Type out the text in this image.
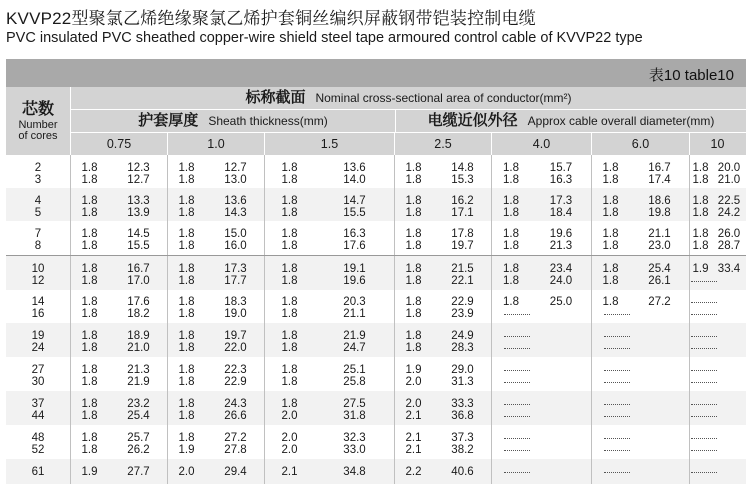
KVVP22型聚氯乙烯绝缘聚氯乙烯护套铜丝编织屏蔽钢带铠装控制电缆
PVC insulated PVC sheathed copper-wire shield steel tape armoured control cable of KVVP22 type
表10 table10
芯数
Number of cores
标称截面 Nominal cross-sectional area of conductor(mm²)
护套厚度 Sheath thickness(mm)	电缆近似外径 Approx cable overall diameter(mm)
0.75	1.0	1.5	2.5	4.0	6.0	10
2	1.8	12.3	1.8	12.7	1.8	13.6	1.8	14.8	1.8	15.7	1.8	16.7	1.8 20.0
3	1.8	12.7	1.8	13.0	1.8	14.0	1.8	15.3	1.8	16.3	1.8	17.4	1.8 21.0
4	1.8	13.3	1.8	13.6	1.8	14.7	1.8	16.2	1.8	17.3	1.8	18.6	1.8 22.5
5	1.8	13.9	1.8	14.3	1.8	15.5	1.8	17.1	1.8	18.4	1.8	19.8	1.8 24.2
7	1.8	14.5	1.8	15.0	1.8	16.3	1.8	17.8	1.8	19.6	1.8	21.1	1.8 26.0
8	1.8	15.5	1.8	16.0	1.8	17.6	1.8	19.7	1.8	21.3	1.8	23.0	1.8 28.7
10	1.8	16.7	1.8	17.3	1.8	19.1	1.8	21.5	1.8	23.4	1.8	25.4	1.9 33.4
12	1.8	17.0	1.8	17.7	1.8	19.6	1.8	22.1	1.8	24.0	1.8	26.1
14	1.8	17.6	1.8	18.3	1.8	20.3	1.8	22.9	1.8	25.0	1.8	27.2
16	1.8	18.2	1.8	19.0	1.8	21.1	1.8	23.9
19	1.8	18.9	1.8	19.7	1.8	21.9	1.8	24.9
24	1.8	21.0	1.8	22.0	1.8	24.7	1.8	28.3
27	1.8	21.3	1.8	22.3	1.8	25.1	1.9	29.0
30	1.8	21.9	1.8	22.9	1.8	25.8	2.0	31.3
37	1.8	23.2	1.8	24.3	1.8	27.5	2.0	33.3
44	1.8	25.4	1.8	26.6	2.0	31.8	2.1	36.8
48	1.8	25.7	1.8	27.2	2.0	32.3	2.1	37.3
52	1.8	26.2	1.9	27.8	2.0	33.0	2.1	38.2
61	1.9	27.7	2.0	29.4	2.1	34.8	2.2	40.6
